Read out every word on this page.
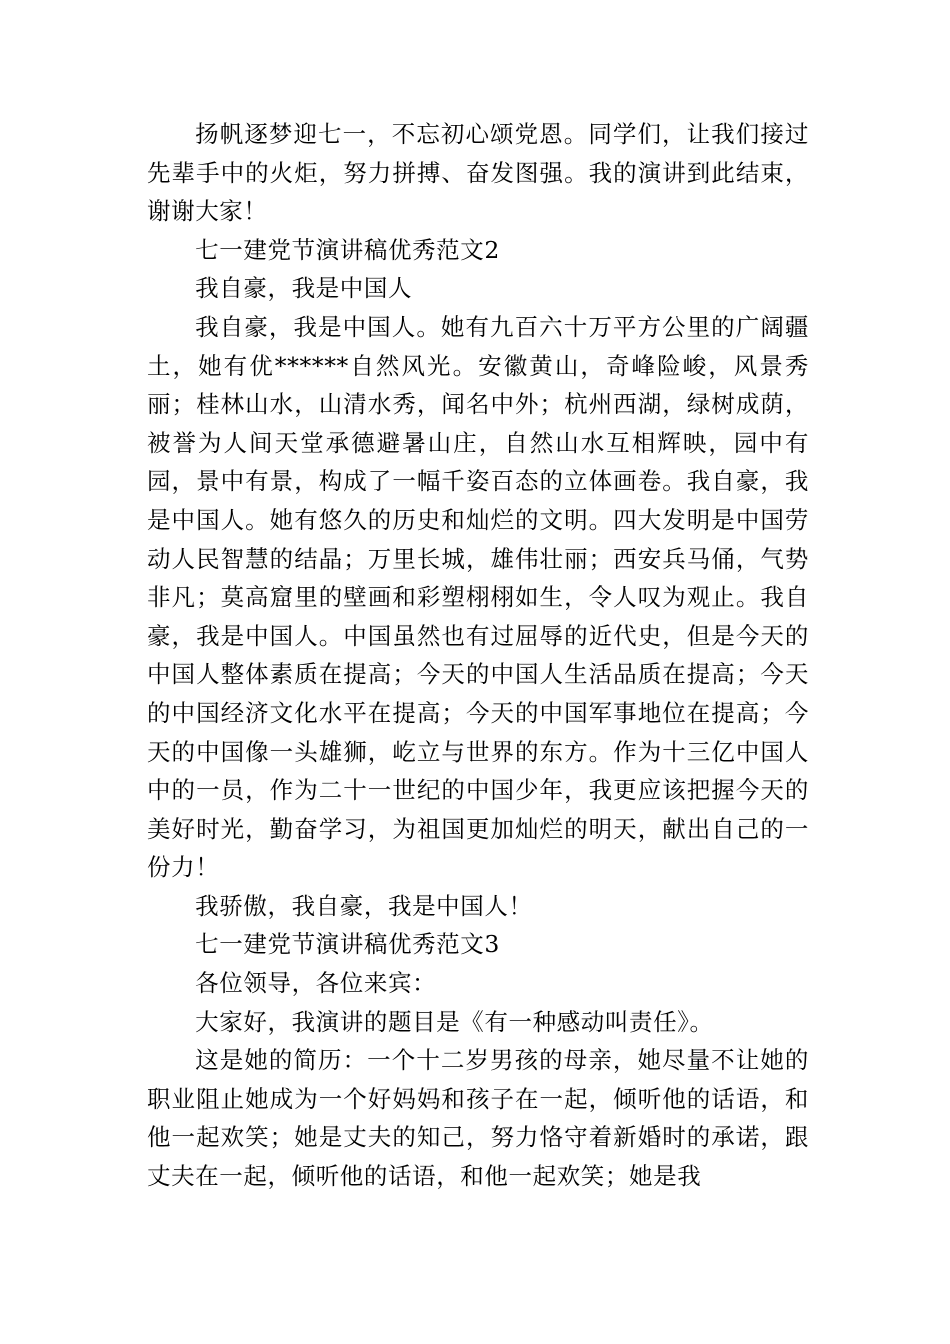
扬帆逐梦迎七一，不忘初心颂党恩。同学们，让我们接过先辈手中的火炬，努力拼搏、奋发图强。我的演讲到此结束，谢谢大家！

七一建党节演讲稿优秀范文2

我自豪，我是中国人

我自豪，我是中国人。她有九百六十万平方公里的广阔疆土，她有优******自然风光。安徽黄山，奇峰险峻，风景秀丽；桂林山水，山清水秀，闻名中外；杭州西湖，绿树成荫，被誉为人间天堂承德避暑山庄，自然山水互相辉映，园中有园，景中有景，构成了一幅千姿百态的立体画卷。我自豪，我是中国人。她有悠久的历史和灿烂的文明。四大发明是中国劳动人民智慧的结晶；万里长城，雄伟壮丽；西安兵马俑，气势非凡；莫高窟里的壁画和彩塑栩栩如生，令人叹为观止。我自豪，我是中国人。中国虽然也有过屈辱的近代史，但是今天的中国人整体素质在提高；今天的中国人生活品质在提高；今天的中国经济文化水平在提高；今天的中国军事地位在提高；今天的中国像一头雄狮，屹立与世界的东方。作为十三亿中国人中的一员，作为二十一世纪的中国少年，我更应该把握今天的美好时光，勤奋学习，为祖国更加灿烂的明天，献出自己的一份力！

我骄傲，我自豪，我是中国人！

七一建党节演讲稿优秀范文3

各位领导，各位来宾：

大家好，我演讲的题目是《有一种感动叫责任》。

这是她的简历：一个十二岁男孩的母亲，她尽量不让她的职业阻止她成为一个好妈妈和孩子在一起，倾听他的话语，和他一起欢笑；她是丈夫的知己，努力恪守着新婚时的承诺，跟丈夫在一起，倾听他的话语，和他一起欢笑；她是我
